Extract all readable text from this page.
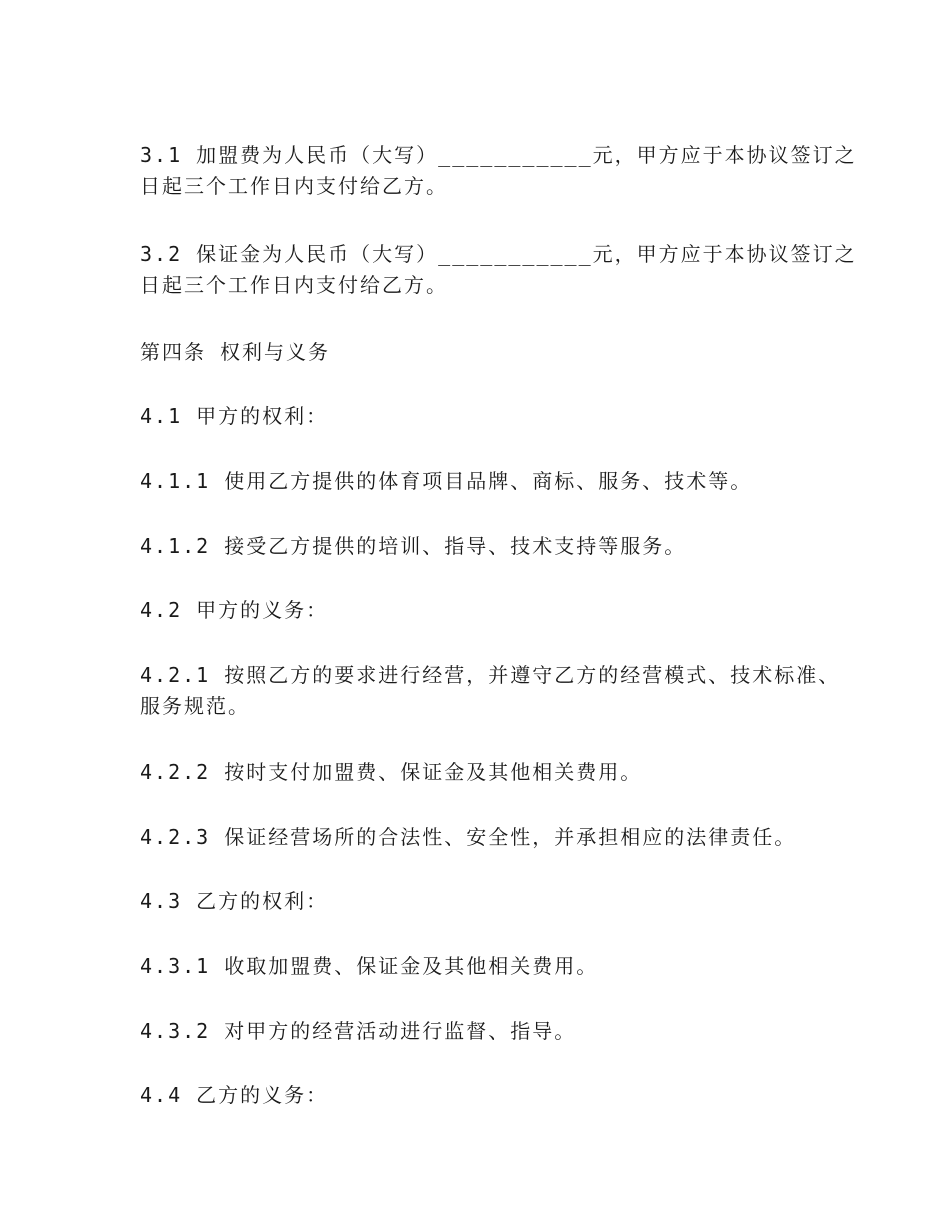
3.1 加盟费为人民币（大写）___________元，甲方应于本协议签订之
日起三个工作日内支付给乙方。

3.2 保证金为人民币（大写）___________元，甲方应于本协议签订之
日起三个工作日内支付给乙方。

第四条 权利与义务

4.1 甲方的权利：

4.1.1 使用乙方提供的体育项目品牌、商标、服务、技术等。

4.1.2 接受乙方提供的培训、指导、技术支持等服务。

4.2 甲方的义务：

4.2.1 按照乙方的要求进行经营，并遵守乙方的经营模式、技术标准、
服务规范。

4.2.2 按时支付加盟费、保证金及其他相关费用。

4.2.3 保证经营场所的合法性、安全性，并承担相应的法律责任。

4.3 乙方的权利：

4.3.1 收取加盟费、保证金及其他相关费用。

4.3.2 对甲方的经营活动进行监督、指导。

4.4 乙方的义务：
